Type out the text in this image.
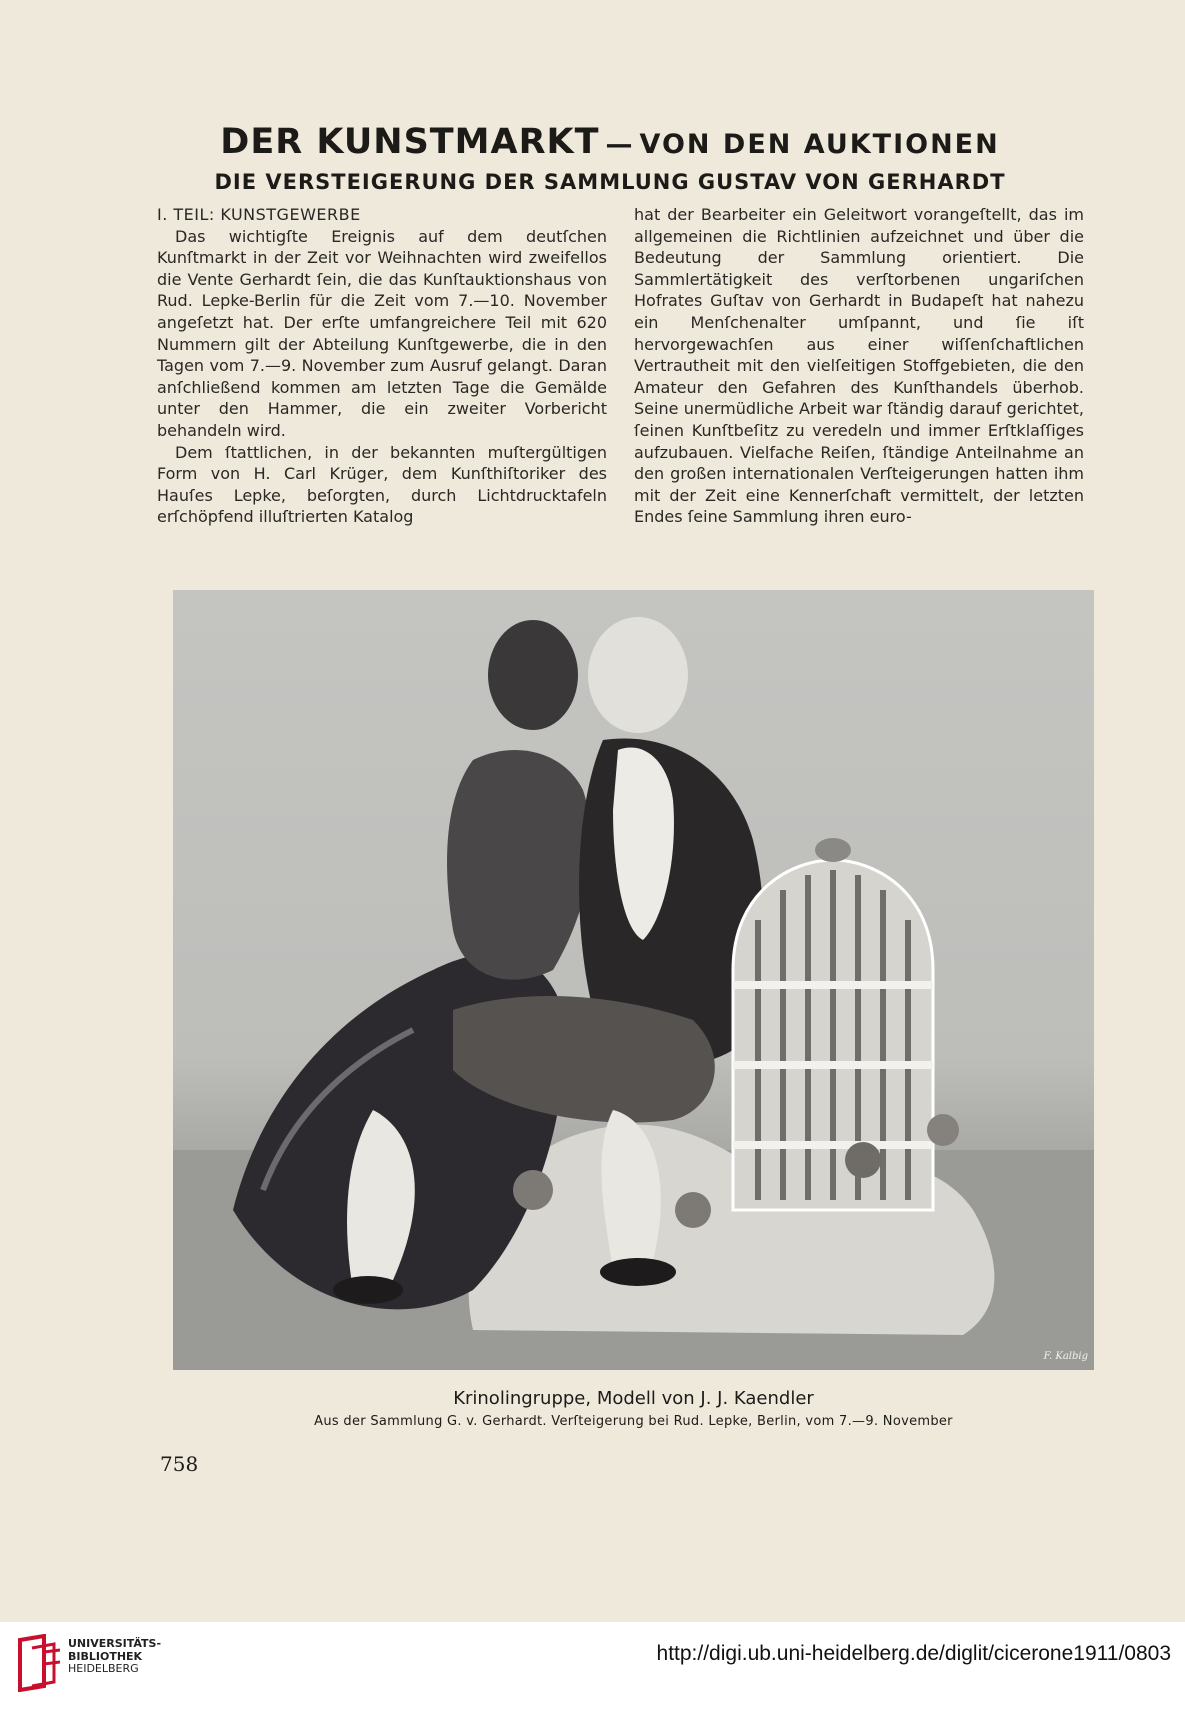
DER KUNSTMARKT — VON DEN AUKTIONEN
DIE VERSTEIGERUNG DER SAMMLUNG GUSTAV VON GERHARDT

I. TEIL: KUNSTGEWERBE

Das wichtigſte Ereignis auf dem deutſchen Kunſtmarkt in der Zeit vor Weihnachten wird zweifellos die Vente Gerhardt ſein, die das Kunſtauktionshaus von Rud. Lepke-Berlin für die Zeit vom 7.—10. November angeſetzt hat. Der erſte umfangreichere Teil mit 620 Nummern gilt der Abteilung Kunſtgewerbe, die in den Tagen vom 7.—9. November zum Ausruf gelangt. Daran anſchließend kommen am letzten Tage die Gemälde unter den Hammer, die ein zweiter Vorbericht behandeln wird.

Dem ſtattlichen, in der bekannten muſtergültigen Form von H. Carl Krüger, dem Kunſthiſtoriker des Hauſes Lepke, beſorgten, durch Lichtdrucktafeln erſchöpfend illuſtrierten Katalog

hat der Bearbeiter ein Geleitwort vorangeſtellt, das im allgemeinen die Richtlinien aufzeichnet und über die Bedeutung der Sammlung orientiert. Die Sammlertätigkeit des verſtorbenen ungariſchen Hofrates Guſtav von Gerhardt in Budapeſt hat nahezu ein Menſchenalter umſpannt, und ſie iſt hervorgewachſen aus einer wiſſenſchaftlichen Vertrautheit mit den vielſeitigen Stoffgebieten, die den Amateur den Gefahren des Kunſthandels überhob. Seine unermüdliche Arbeit war ſtändig darauf gerichtet, ſeinen Kunſtbeſitz zu veredeln und immer Erſtklaſſiges aufzubauen. Vielfache Reiſen, ſtändige Anteilnahme an den großen internationalen Verſteigerungen hatten ihm mit der Zeit eine Kennerſchaft vermittelt, der letzten Endes ſeine Sammlung ihren euro-

F. Kalbig
Krinolingruppe, Modell von J. J. Kaendler
Aus der Sammlung G. v. Gerhardt. Verſteigerung bei Rud. Lepke, Berlin, vom 7.—9. November
758
UNIVERSITÄTS-
BIBLIOTHEK
HEIDELBERG
http://digi.ub.uni-heidelberg.de/diglit/cicerone1911/0803
